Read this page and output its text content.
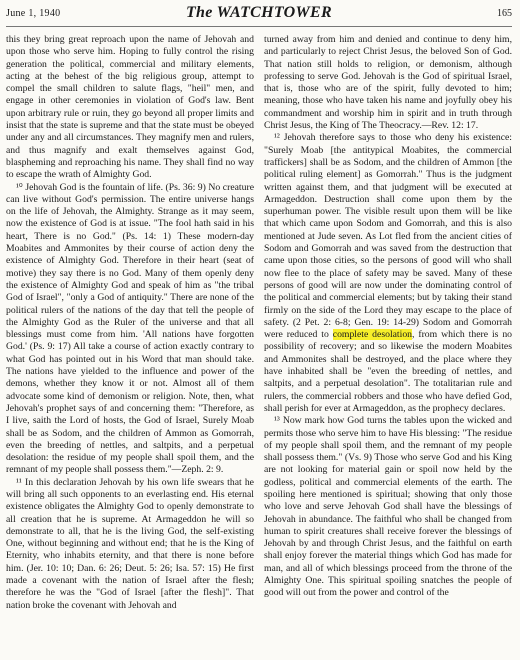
June 1, 1940	The WATCHTOWER	165

this they bring great reproach upon the name of Jehovah and upon those who serve him. Hoping to fully control the rising generation the political, commercial and military elements, acting at the behest of the big religious group, attempt to compel the small children to salute flags, "heil" men, and engage in other ceremonies in violation of God's law. Bent upon arbitrary rule or ruin, they go beyond all proper limits and insist that the state is supreme and that the state must be obeyed under any and all circumstances. They magnify men and rulers, and thus magnify and exalt themselves against God, blaspheming and reproaching his name. They shall find no way to escape the wrath of Almighty God.

¹⁰ Jehovah God is the fountain of life. (Ps. 36: 9) No creature can live without God's permission. The entire universe hangs on the life of Jehovah, the Almighty. Strange as it may seem, now the existence of God is at issue. "The fool hath said in his heart, There is no God." (Ps. 14: 1) These modern-day Moabites and Ammonites by their course of action deny the existence of Almighty God. Therefore in their heart (seat of motive) they say there is no God. Many of them openly deny the existence of Almighty God and speak of him as "the tribal God of Israel", "only a God of antiquity." There are none of the political rulers of the nations of the day that tell the people of the Almighty God as the Ruler of the universe and that all blessings must come from him. 'All nations have forgotten God.' (Ps. 9: 17) All take a course of action exactly contrary to what God has pointed out in his Word that man should take. The nations have yielded to the influence and power of the demons, whether they know it or not. Almost all of them advocate some kind of demonism or religion. Note, then, what Jehovah's prophet says of and concerning them: "Therefore, as I live, saith the Lord of hosts, the God of Israel, Surely Moab shall be as Sodom, and the children of Ammon as Gomorrah, even the breeding of nettles, and saltpits, and a perpetual desolation: the residue of my people shall spoil them, and the remnant of my people shall possess them."—Zeph. 2: 9.

¹¹ In this declaration Jehovah by his own life swears that he will bring all such opponents to an everlasting end. His eternal existence obligates the Almighty God to openly demonstrate to all creation that he is supreme. At Armageddon he will so demonstrate to all, that he is the living God, the self-existing One, without beginning and without end; that he is the King of Eternity, who inhabits eternity, and that there is none before him. (Jer. 10: 10; Dan. 6: 26; Deut. 5: 26; Isa. 57: 15) He first made a covenant with the nation of Israel after the flesh; therefore he was the "God of Israel [after the flesh]". That nation broke the covenant with Jehovah and

turned away from him and denied and continue to deny him, and particularly to reject Christ Jesus, the beloved Son of God. That nation still holds to religion, or demonism, although professing to serve God. Jehovah is the God of spiritual Israel, that is, those who are of the spirit, fully devoted to him; meaning, those who have taken his name and joyfully obey his commandment and worship him in spirit and in truth through Christ Jesus, the King of The Theocracy.—Rev. 12: 17.

¹² Jehovah therefore says to those who deny his existence: "Surely Moab [the antitypical Moabites, the commercial traffickers] shall be as Sodom, and the children of Ammon [the political ruling element] as Gomorrah." Thus is the judgment written against them, and that judgment will be executed at Armageddon. Destruction shall come upon them by the superhuman power. The visible result upon them will be like that which came upon Sodom and Gomorrah, and this is also mentioned at Jude seven. As Lot fled from the ancient cities of Sodom and Gomorrah and was saved from the destruction that came upon those cities, so the persons of good will who shall now flee to the place of safety may be saved. Many of these persons of good will are now under the dominating control of the political and commercial elements; but by taking their stand firmly on the side of the Lord they may escape to the place of safety. (2 Pet. 2: 6-8; Gen. 19: 14-29) Sodom and Gomorrah were reduced to complete desolation, from which there is no possibility of recovery; and so likewise the modern Moabites and Ammonites shall be destroyed, and the place where they have inhabited shall be "even the breeding of nettles, and saltpits, and a perpetual desolation". The totalitarian rule and rulers, the commercial robbers and those who have defied God, shall perish for ever at Armageddon, as the prophecy declares.

¹³ Now mark how God turns the tables upon the wicked and permits those who serve him to have His blessing: "The residue of my people shall spoil them, and the remnant of my people shall possess them." (Vs. 9) Those who serve God and his King are not looking for material gain or spoil now held by the godless, political and commercial elements of the earth. The spoiling here mentioned is spiritual; showing that only those who love and serve Jehovah God shall have the blessings of Jehovah in abundance. The faithful who shall be changed from human to spirit creatures shall receive forever the blessings of Jehovah by and through Christ Jesus, and the faithful on earth shall enjoy forever the material things which God has made for man, and all of which blessings proceed from the throne of the Almighty One. This spiritual spoiling snatches the people of good will out from the power and control of the
